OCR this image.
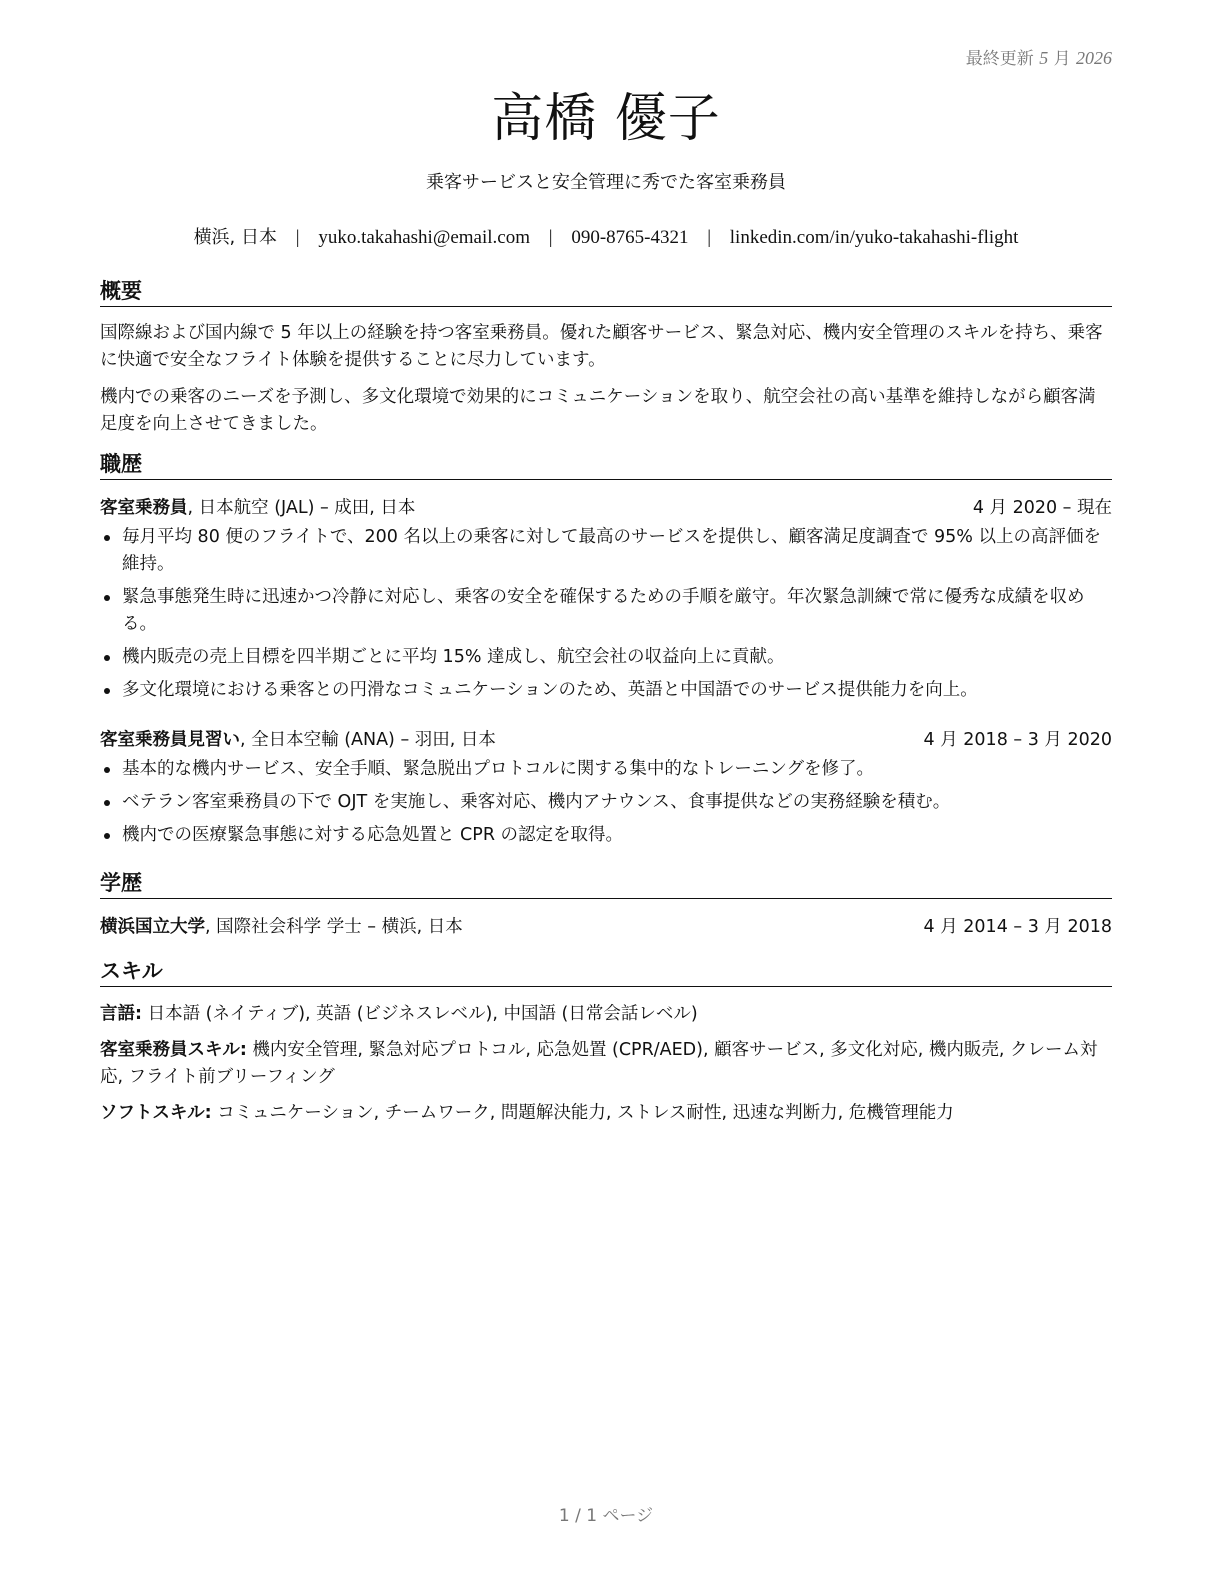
最終更新 5 月 2026
高橋 優子
乗客サービスと安全管理に秀でた客室乗務員
横浜, 日本 | yuko.takahashi@email.com | 090-8765-4321 | linkedin.com/in/yuko-takahashi-flight
概要

国際線および国内線で 5 年以上の経験を持つ客室乗務員。優れた顧客サービス、緊急対応、機内安全管理のスキルを持ち、乗客に快適で安全なフライト体験を提供することに尽力しています。

機内での乗客のニーズを予測し、多文化環境で効果的にコミュニケーションを取り、航空会社の高い基準を維持しながら顧客満足度を向上させてきました。

職歴
客室乗務員, 日本航空 (JAL) – 成田, 日本	4 月 2020 – 現在
毎月平均 80 便のフライトで、200 名以上の乗客に対して最高のサービスを提供し、顧客満足度調査で 95% 以上の高評価を維持。
緊急事態発生時に迅速かつ冷静に対応し、乗客の安全を確保するための手順を厳守。年次緊急訓練で常に優秀な成績を収める。
機内販売の売上目標を四半期ごとに平均 15% 達成し、航空会社の収益向上に貢献。
多文化環境における乗客との円滑なコミュニケーションのため、英語と中国語でのサービス提供能力を向上。
客室乗務員見習い, 全日本空輸 (ANA) – 羽田, 日本	4 月 2018 – 3 月 2020
基本的な機内サービス、安全手順、緊急脱出プロトコルに関する集中的なトレーニングを修了。
ベテラン客室乗務員の下で OJT を実施し、乗客対応、機内アナウンス、食事提供などの実務経験を積む。
機内での医療緊急事態に対する応急処置と CPR の認定を取得。
学歴
横浜国立大学, 国際社会科学 学士 – 横浜, 日本	4 月 2014 – 3 月 2018
スキル

言語: 日本語 (ネイティブ), 英語 (ビジネスレベル), 中国語 (日常会話レベル)

客室乗務員スキル: 機内安全管理, 緊急対応プロトコル, 応急処置 (CPR/AED), 顧客サービス, 多文化対応, 機内販売, クレーム対応, フライト前ブリーフィング

ソフトスキル: コミュニケーション, チームワーク, 問題解決能力, ストレス耐性, 迅速な判断力, 危機管理能力

1 / 1 ページ
